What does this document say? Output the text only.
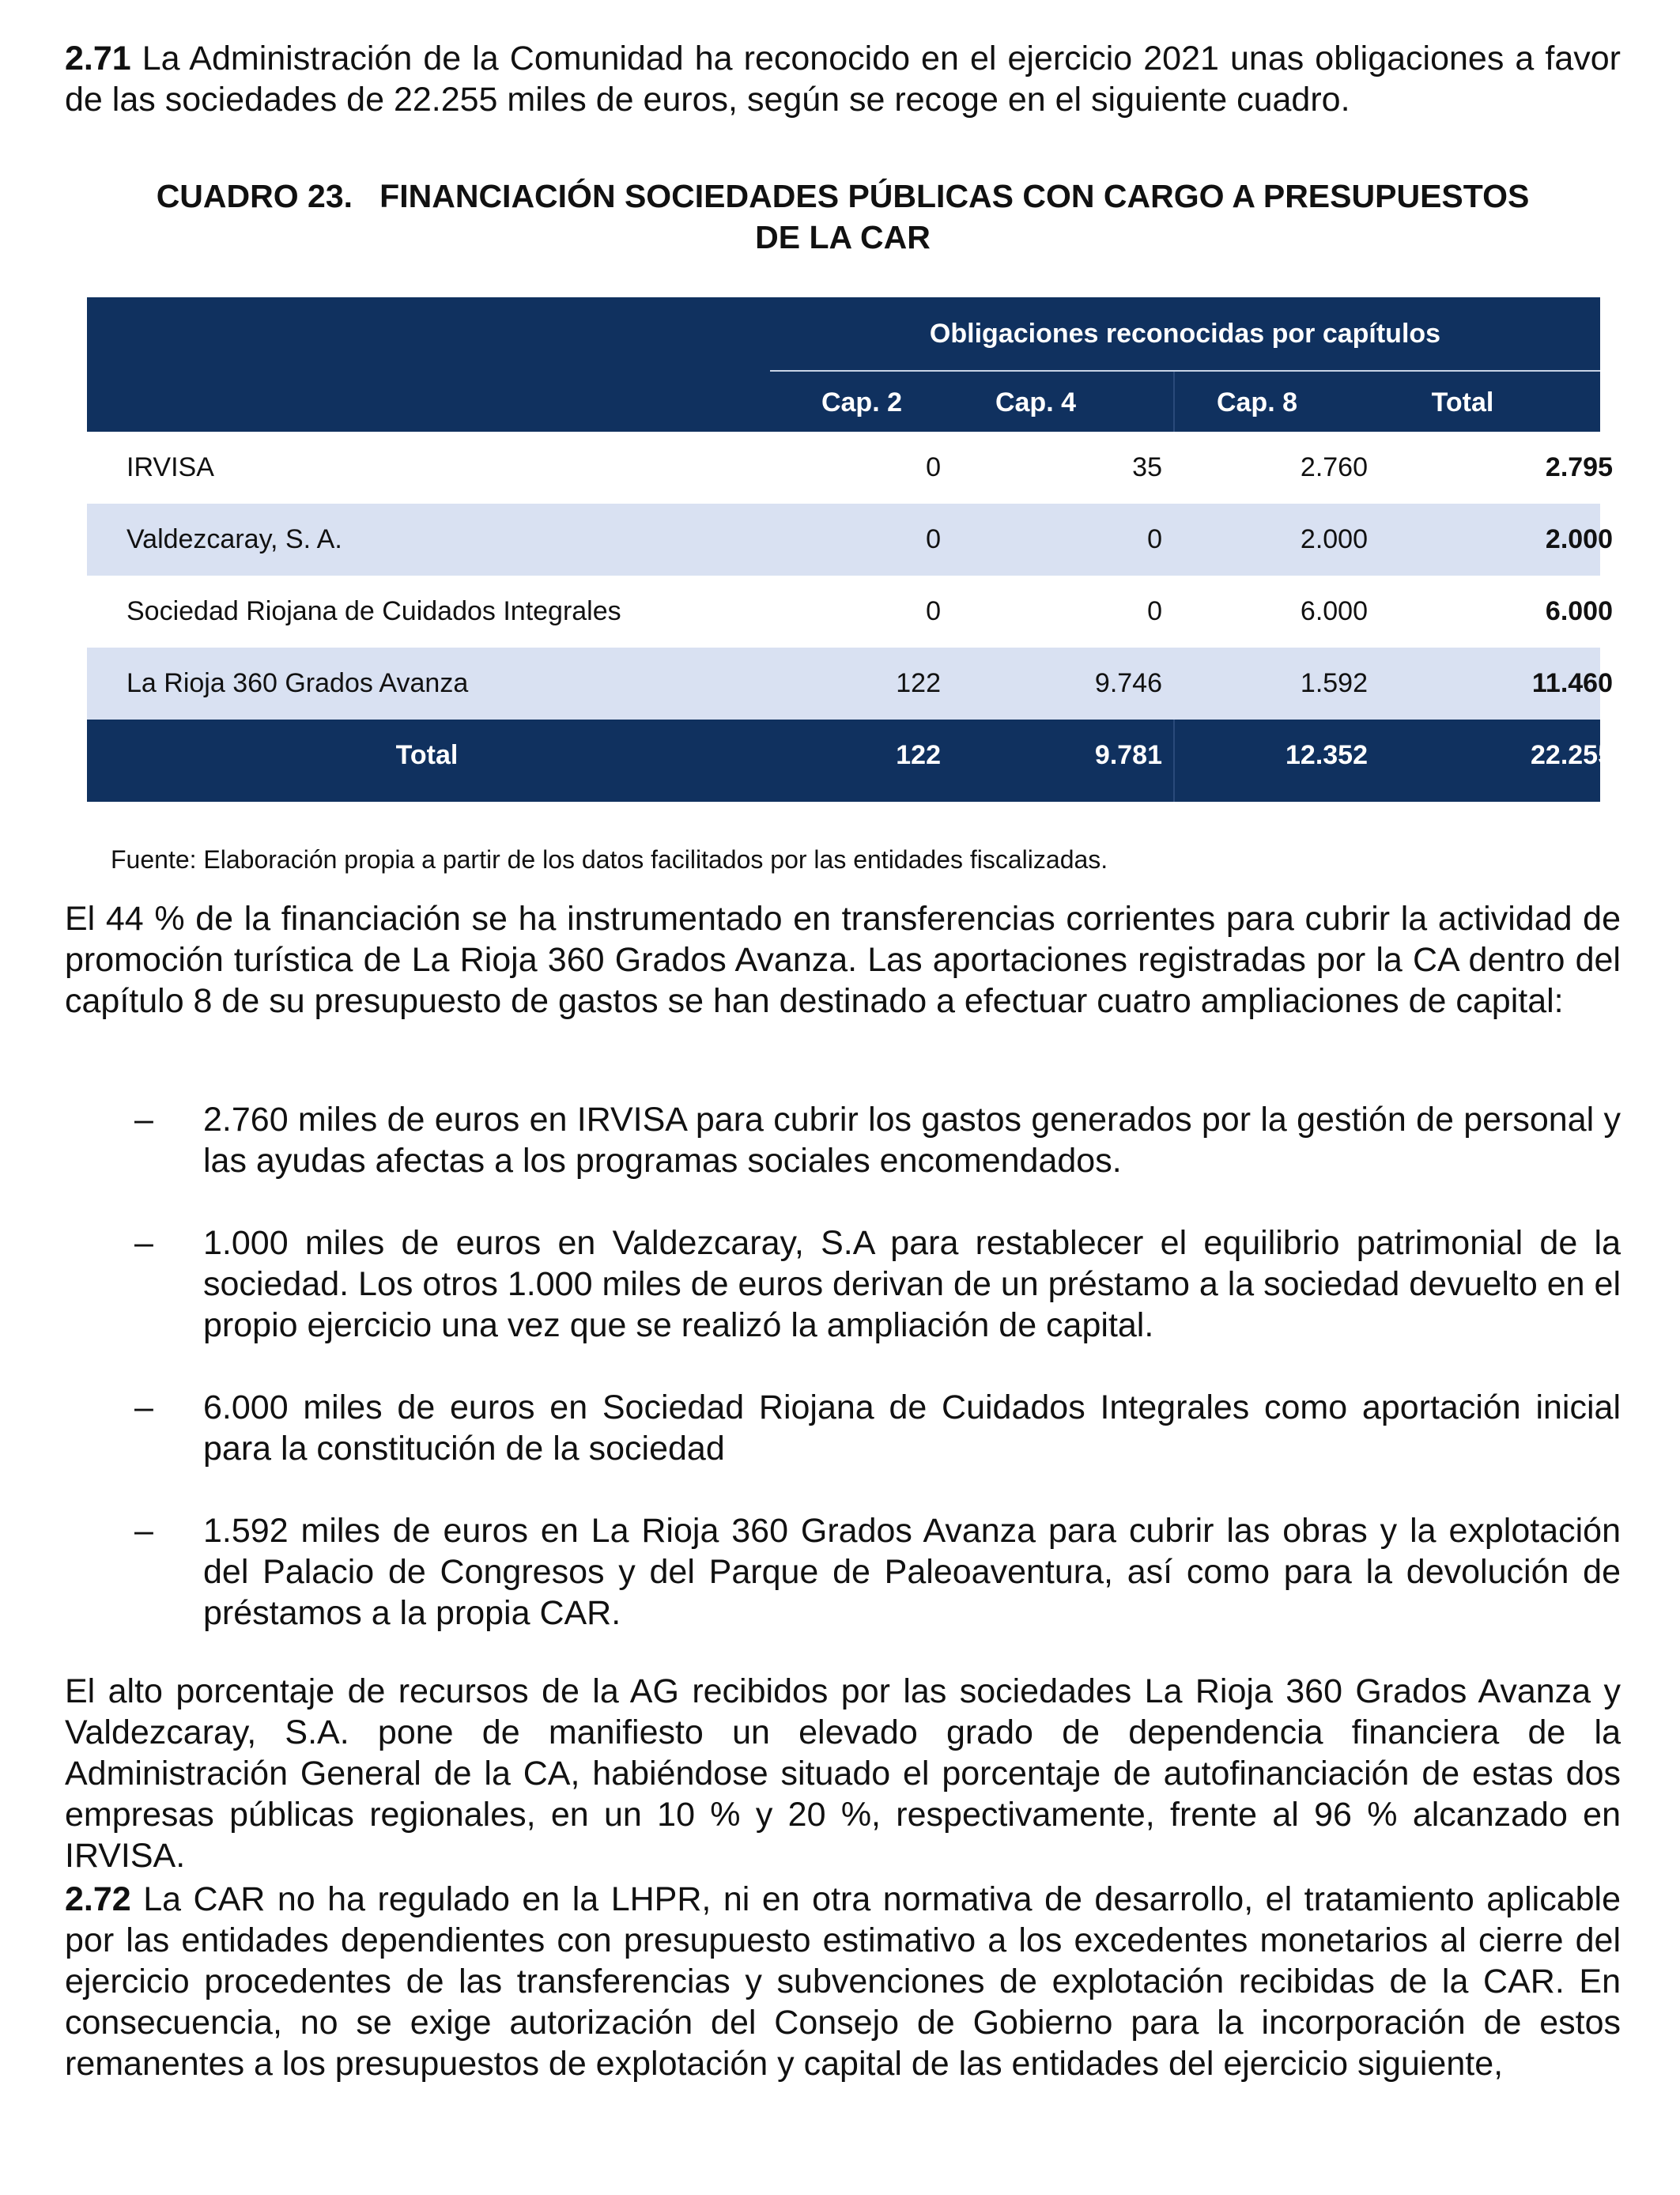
2.71 La Administración de la Comunidad ha reconocido en el ejercicio 2021 unas obligaciones a favor de las sociedades de 22.255 miles de euros, según se recoge en el siguiente cuadro.

CUADRO 23.   FINANCIACIÓN SOCIEDADES PÚBLICAS CON CARGO A PRESUPUESTOS

DE LA CAR

Obligaciones reconocidas por capítulos
Cap. 2	Cap. 4	Cap. 8	Total
IRVISA	0	35	2.760	2.795
Valdezcaray, S. A.	0	0	2.000	2.000
Sociedad Riojana de Cuidados Integrales	0	0	6.000	6.000
La Rioja 360 Grados Avanza	122	9.746	1.592	11.460
Total	122	9.781	12.352	22.255
Fuente: Elaboración propia a partir de los datos facilitados por las entidades fiscalizadas.

El 44 % de la financiación se ha instrumentado en transferencias corrientes para cubrir la actividad de promoción turística de La Rioja 360 Grados Avanza. Las aportaciones registradas por la CA dentro del capítulo 8 de su presupuesto de gastos se han destinado a efectuar cuatro ampliaciones de capital:

– 2.760 miles de euros en IRVISA para cubrir los gastos generados por la gestión de personal y las ayudas afectas a los programas sociales encomendados.

– 1.000 miles de euros en Valdezcaray, S.A para restablecer el equilibrio patrimonial de la sociedad. Los otros 1.000 miles de euros derivan de un préstamo a la sociedad devuelto en el propio ejercicio una vez que se realizó la ampliación de capital.

– 6.000 miles de euros en Sociedad Riojana de Cuidados Integrales como aportación inicial para la constitución de la sociedad

– 1.592 miles de euros en La Rioja 360 Grados Avanza para cubrir las obras y la explotación del Palacio de Congresos y del Parque de Paleoaventura, así como para la devolución de préstamos a la propia CAR.

El alto porcentaje de recursos de la AG recibidos por las sociedades La Rioja 360 Grados Avanza y Valdezcaray, S.A. pone de manifiesto un elevado grado de dependencia financiera de la Administración General de la CA, habiéndose situado el porcentaje de autofinanciación de estas dos empresas públicas regionales, en un 10 % y 20 %, respectivamente, frente al 96 % alcanzado en IRVISA.

2.72 La CAR no ha regulado en la LHPR, ni en otra normativa de desarrollo, el tratamiento aplicable por las entidades dependientes con presupuesto estimativo a los excedentes monetarios al cierre del ejercicio procedentes de las transferencias y subvenciones de explotación recibidas de la CAR. En consecuencia, no se exige autorización del Consejo de Gobierno para la incorporación de estos remanentes a los presupuestos de explotación y capital de las entidades del ejercicio siguiente,
